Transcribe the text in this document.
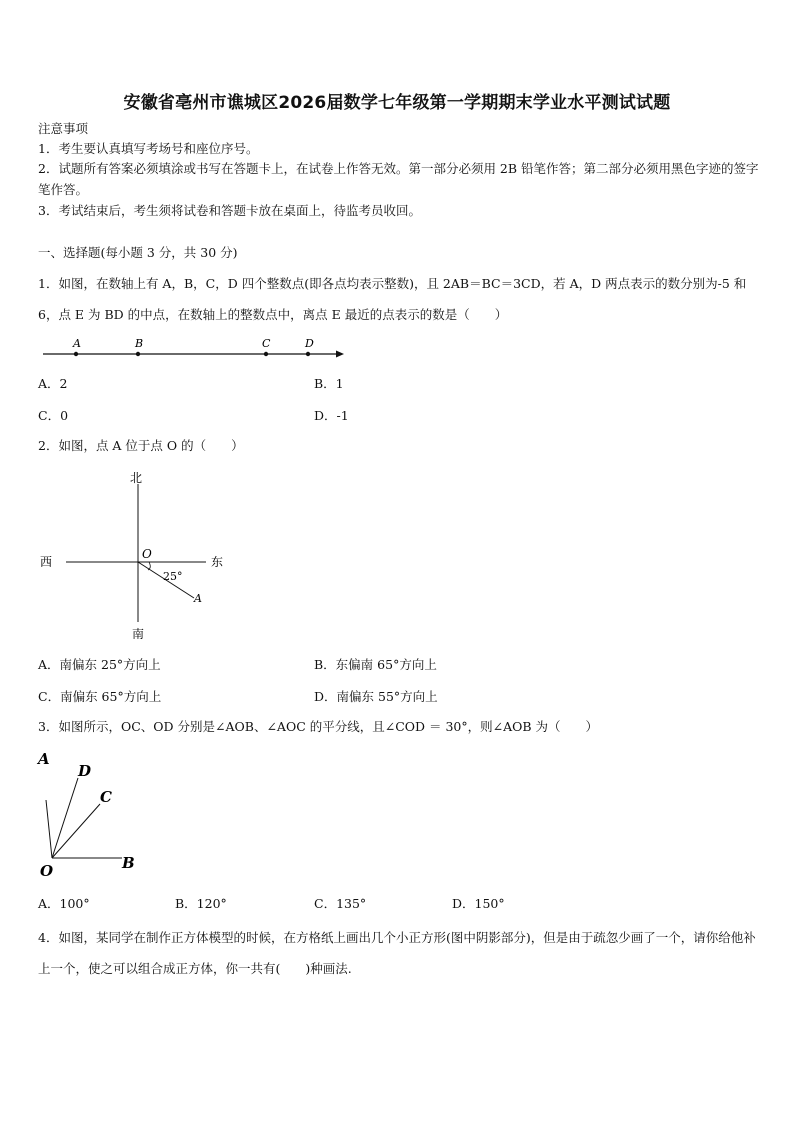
安徽省亳州市谯城区2026届数学七年级第一学期期末学业水平测试试题
注意事项
1．考生要认真填写考场号和座位序号。
2．试题所有答案必须填涂或书写在答题卡上，在试卷上作答无效。第一部分必须用 2B 铅笔作答；第二部分必须用黑色字迹的签字笔作答。
3．考试结束后，考生须将试卷和答题卡放在桌面上，待监考员收回。
一、选择题(每小题 3 分，共 30 分)
1．如图，在数轴上有 A，B，C，D 四个整数点(即各点均表示整数)，且 2AB＝BC＝3CD，若 A，D 两点表示的数分别为-5 和 6，点 E 为 BD 的中点，在数轴上的整数点中，离点 E 最近的点表示的数是（　　）
A	B	C	D
A．2	B．1
C．0	D．-1
2．如图，点 A 位于点 O 的（　　）
北
南
西	东
O
25°
A
A．南偏东 25°方向上	B．东偏南 65°方向上
C．南偏东 65°方向上	D．南偏东 55°方向上
3．如图所示，OC、OD 分别是∠AOB、∠AOC 的平分线，且∠COD ＝ 30°，则∠AOB 为（　　）
A
D
C
O	B
A．100°	B．120°	C．135°	D．150°
4．如图，某同学在制作正方体模型的时候，在方格纸上画出几个小正方形(图中阴影部分)，但是由于疏忽少画了一个，请你给他补上一个，使之可以组合成正方体，你一共有(　　)种画法.
